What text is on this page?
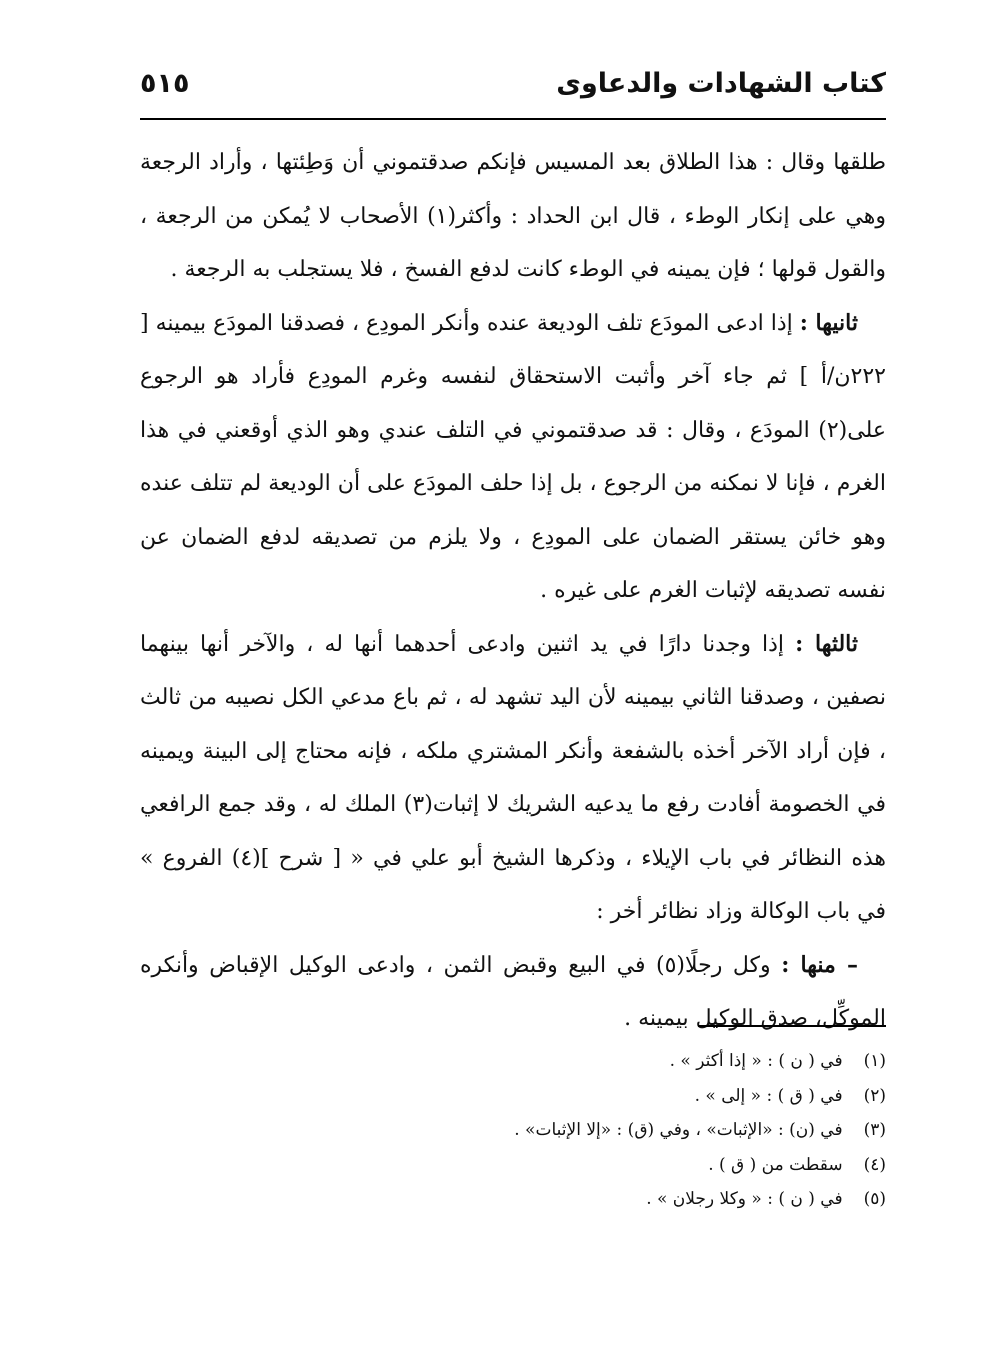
كتاب الشهادات والدعاوى
٥١٥

طلقها وقال : هذا الطلاق بعد المسيس فإنكم صدقتموني أن وَطِئتها ، وأراد الرجعة وهي على إنكار الوطء ، قال ابن الحداد : وأكثر(١) الأصحاب لا يُمكن من الرجعة ، والقول قولها ؛ فإن يمينه في الوطء كانت لدفع الفسخ ، فلا يستجلب به الرجعة .

ثانيها : إذا ادعى المودَع تلف الوديعة عنده وأنكر المودِع ، فصدقنا المودَع بيمينه [ ٢٢٢ن/أ ] ثم جاء آخر وأثبت الاستحقاق لنفسه وغرم المودِع فأراد هو الرجوع على(٢) المودَع ، وقال : قد صدقتموني في التلف عندي وهو الذي أوقعني في هذا الغرم ، فإنا لا نمكنه من الرجوع ، بل إذا حلف المودَع على أن الوديعة لم تتلف عنده وهو خائن يستقر الضمان على المودِع ، ولا يلزم من تصديقه لدفع الضمان عن نفسه تصديقه لإثبات الغرم على غيره .

ثالثها : إذا وجدنا دارًا في يد اثنين وادعى أحدهما أنها له ، والآخر أنها بينهما نصفين ، وصدقنا الثاني بيمينه لأن اليد تشهد له ، ثم باع مدعي الكل نصيبه من ثالث ، فإن أراد الآخر أخذه بالشفعة وأنكر المشتري ملكه ، فإنه محتاج إلى البينة ويمينه في الخصومة أفادت رفع ما يدعيه الشريك لا إثبات(٣) الملك له ، وقد جمع الرافعي هذه النظائر في باب الإيلاء ، وذكرها الشيخ أبو علي في « [ شرح ](٤) الفروع » في باب الوكالة وزاد نظائر أخر :

– منها : وكل رجلًا(٥) في البيع وقبض الثمن ، وادعى الوكيل الإقباض وأنكره الموكِّل، صدق الوكيل بيمينه .

(١) في ( ن ) : « إذا أكثر » .
(٢) في ( ق ) : « إلى » .
(٣) في (ن) : «الإثبات» ، وفي (ق) : «إلا الإثبات» .
(٤) سقطت من ( ق ) .
(٥) في ( ن ) : « وكلا رجلان » .
